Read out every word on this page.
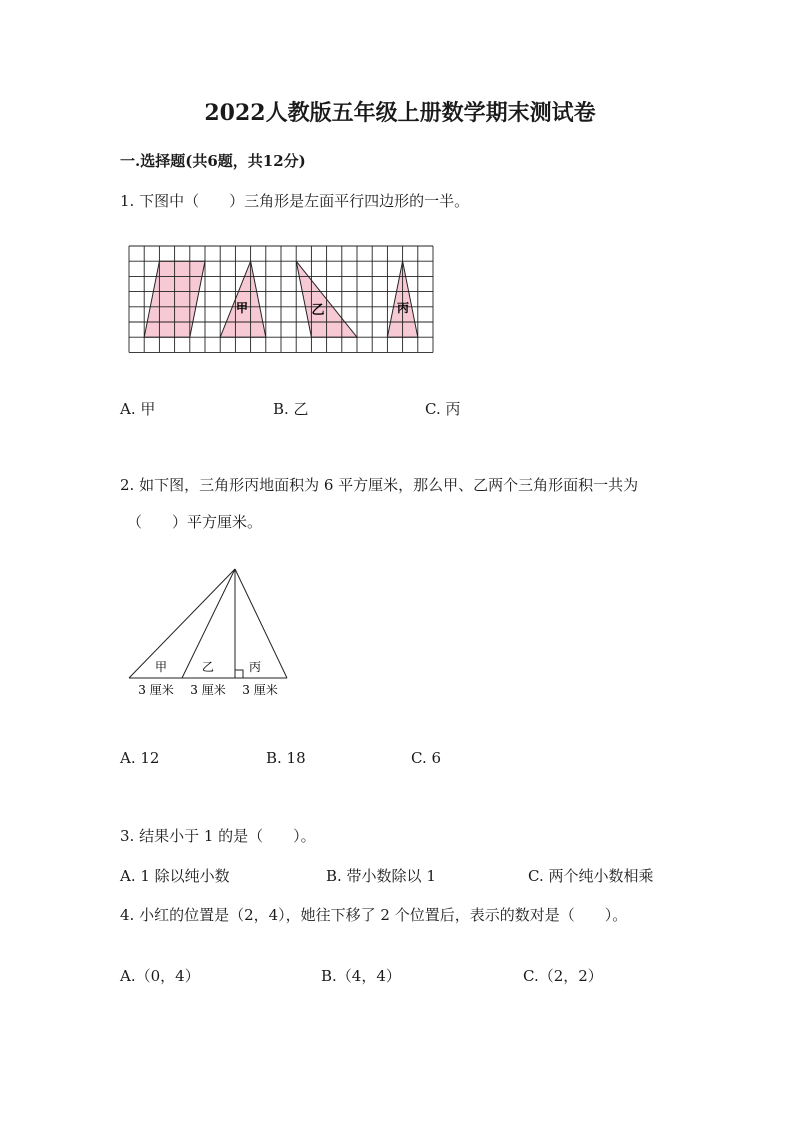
2022人教版五年级上册数学期末测试卷
一.选择题(共6题，共12分)
1. 下图中（　　）三角形是左面平行四边形的一半。
甲	乙	丙
A. 甲	B. 乙	C. 丙
2. 如下图，三角形丙地面积为 6 平方厘米，那么甲、乙两个三角形面积一共为
（　　）平方厘米。
甲	乙	丙
3 厘米 3 厘米 3 厘米
A. 12	B. 18	C. 6
3. 结果小于 1 的是（　　）。
A. 1 除以纯小数	B. 带小数除以 1	C. 两个纯小数相乘
4. 小红的位置是（2，4），她往下移了 2 个位置后，表示的数对是（　　）。
A.（0，4）	B.（4，4）	C.（2，2）
